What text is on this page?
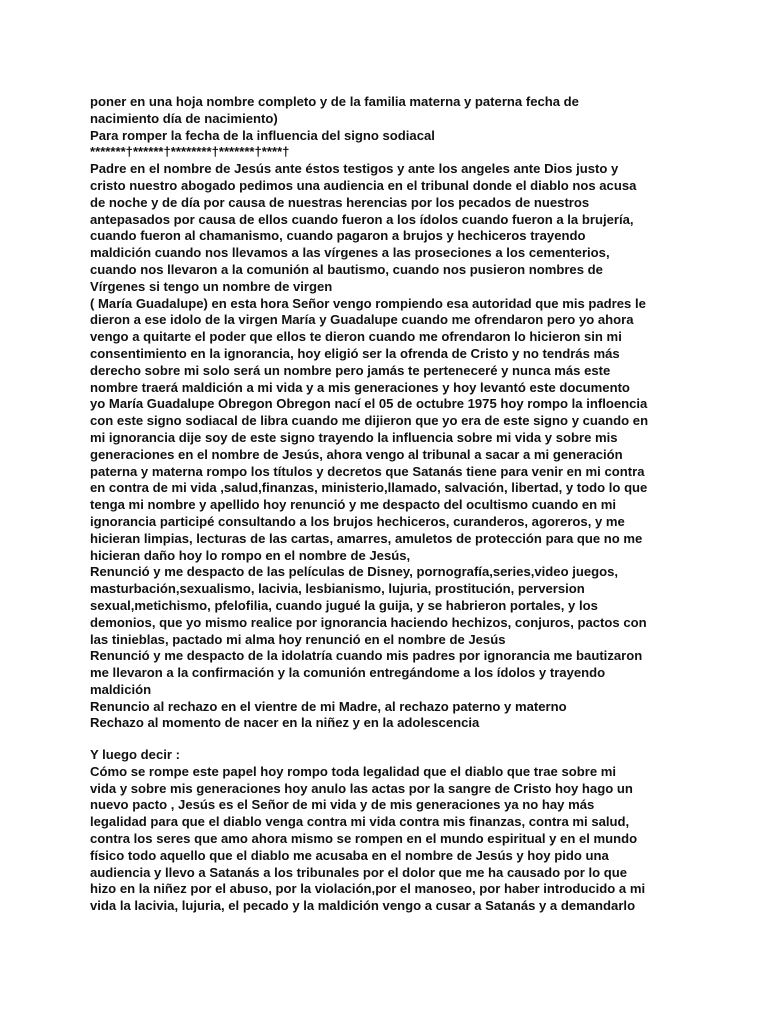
poner en una hoja nombre completo y de la familia materna y paterna fecha de
nacimiento día de nacimiento)
Para romper la fecha de la influencia del signo sodiacal
*******†******†********†*******†****†
Padre en el nombre de Jesús ante éstos testigos y ante los angeles ante Dios justo y
cristo nuestro abogado pedimos una audiencia en el tribunal donde el diablo nos acusa
de noche y de día por causa de nuestras herencias por los pecados de nuestros
antepasados por causa de ellos cuando fueron a los ídolos cuando fueron a la brujería,
cuando fueron al chamanismo, cuando pagaron a brujos y hechiceros trayendo
maldición cuando nos llevamos a las vírgenes a las proseciones a los cementerios,
cuando nos llevaron a la comunión al bautismo, cuando nos pusieron nombres de
Vírgenes si tengo un nombre de virgen
( María Guadalupe) en esta hora Señor vengo rompiendo esa autoridad que mis padres le
dieron a ese idolo de la virgen María y Guadalupe cuando me ofrendaron pero yo ahora
vengo a quitarte el poder que ellos te dieron cuando me ofrendaron lo hicieron sin mi
consentimiento en la ignorancia, hoy eligió ser la ofrenda de Cristo y no tendrás más
derecho sobre mi solo será un nombre pero jamás te perteneceré y nunca más este
nombre traerá maldición a mi vida y a mis generaciones y hoy levantó este documento
yo María Guadalupe Obregon Obregon nací el 05 de octubre 1975 hoy rompo la infloencia
con este signo sodiacal de libra cuando me dijieron que yo era de este signo y cuando en
mi ignorancia dije soy de este signo trayendo la influencia sobre mi vida y sobre mis
generaciones en el nombre de Jesús, ahora vengo al tribunal a sacar a mi generación
paterna y materna rompo los títulos y decretos que Satanás tiene para venir en mi contra
en contra de mi vida ,salud,finanzas, ministerio,llamado, salvación, libertad, y todo lo que
tenga mi nombre y apellido hoy renunció y me despacto del ocultismo cuando en mi
ignorancia participé consultando a los brujos hechiceros, curanderos, agoreros, y me
hicieran limpias, lecturas de las cartas, amarres, amuletos de protección para que no me
hicieran daño hoy lo rompo en el nombre de Jesús,
Renunció y me despacto de las películas de Disney, pornografía,series,video juegos,
masturbación,sexualismo, lacivia, lesbianismo, lujuria, prostitución, perversion
sexual,metichismo, pfelofilia, cuando jugué la guija, y se habrieron portales, y los
demonios, que yo mismo realice por ignorancia haciendo hechizos, conjuros, pactos con
las tinieblas, pactado mi alma hoy renunció en el nombre de Jesús
Renunció y me despacto de la idolatría cuando mis padres por ignorancia me bautizaron
me llevaron a la confirmación y la comunión entregándome a los ídolos y trayendo
maldición
Renuncio al rechazo en el vientre de mi Madre, al rechazo paterno y materno
Rechazo al momento de nacer en la niñez y en la adolescencia
Y luego decir :
Cómo se rompe este papel hoy rompo toda legalidad que el diablo que trae sobre mi
vida y sobre mis generaciones hoy anulo las actas por la sangre de Cristo hoy hago un
nuevo pacto , Jesús es el Señor de mi vida y de mis generaciones ya no hay más
legalidad para que el diablo venga contra mi vida contra mis finanzas, contra mi salud,
contra los seres que amo ahora mismo se rompen en el mundo espiritual y en el mundo
físico todo aquello que el diablo me acusaba en el nombre de Jesús y hoy pido una
audiencia y llevo a Satanás a los tribunales por el dolor que me ha causado por lo que
hizo en la niñez por el abuso, por la violación,por el manoseo, por haber introducido a mi
vida la lacivia, lujuria, el pecado y la maldición vengo a cusar a Satanás y a demandarlo
